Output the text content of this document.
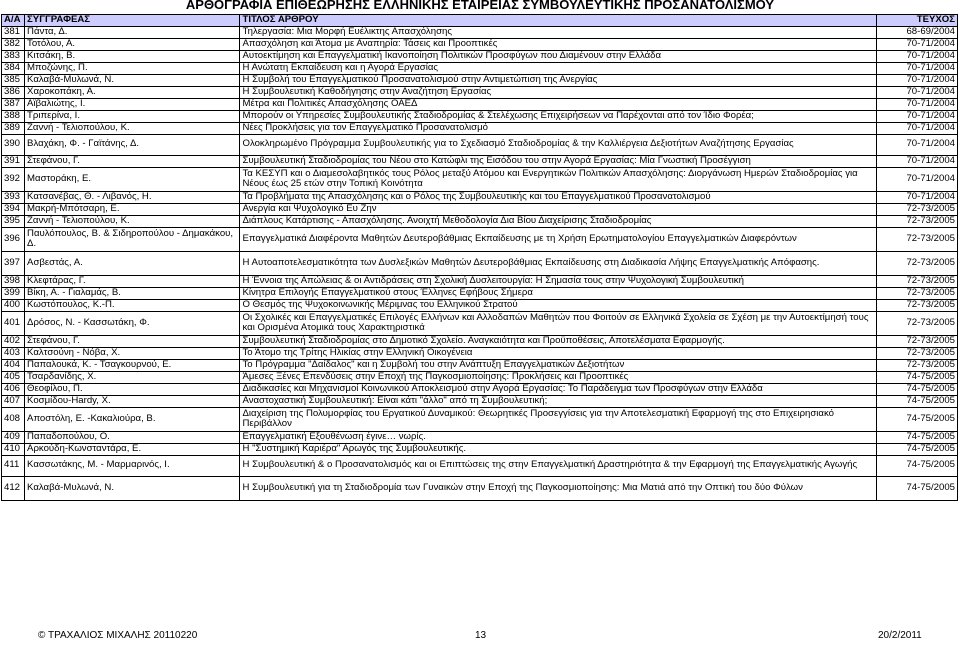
ΑΡΘΟΓΡΑΦΙΑ ΕΠΙΘΕΩΡΗΣΗΣ ΕΛΛΗΝΙΚΗΣ ΕΤΑΙΡΕΙΑΣ ΣΥΜΒΟΥΛΕΥΤΙΚΗΣ ΠΡΟΣΑΝΑΤΟΛΙΣΜΟΥ
Α/Α	ΣΥΓΓΡΑΦΕΑΣ	ΤΙΤΛΟΣ ΑΡΘΡΟΥ	ΤΕΥΧΟΣ
381	Πάντα, Δ.	Τηλεργασία: Μια Μορφή Ευέλικτης Απασχόλησης	68-69/2004
382	Τοτόλου, Α.	Απασχόληση και Άτομα με Αναπηρία: Τάσεις και Προοπτικές	70-71/2004
383	Κιτσάκη, Β.	Αυτοεκτίμηση και Επαγγελματική Ικανοποίηση Πολιτικών Προσφύγων που Διαμένουν στην Ελλάδα	70-71/2004
384	Μποζώνης, Π.	Η Ανώτατη Εκπαίδευση και η Αγορά Εργασίας	70-71/2004
385	Καλαβά-Μυλωνά, Ν.	Η Συμβολή του Επαγγελματικού Προσανατολισμού στην Αντιμετώπιση της Ανεργίας	70-71/2004
386	Χαροκοπάκη, Α.	Η Συμβουλευτική Καθοδήγησης στην Αναζήτηση Εργασίας	70-71/2004
387	Αϊβαλιώτης, Ι.	Μέτρα και Πολιτικές Απασχόλησης ΟΑΕΔ	70-71/2004
388	Τριπερίνα, Ι.	Μπορούν οι Υπηρεσίες Συμβουλευτικής Σταδιοδρομίας & Στελέχωσης Επιχειρήσεων να Παρέχονται από τον Ίδιο Φορέα;	70-71/2004
389	Ζαννή - Τελιοπούλου, Κ.	Νέες Προκλήσεις για τον Επαγγελματικό Προσανατολισμό	70-71/2004
390	Βλαχάκη, Φ. - Γαϊτάνης, Δ.	Ολοκληρωμένο Πρόγραμμα Συμβουλευτικής για το Σχεδιασμό Σταδιοδρομίας & την Καλλιέργεια Δεξιοτήτων Αναζήτησης Εργασίας	70-71/2004
391	Στεφάνου, Γ.	Συμβουλευτική Σταδιοδρομίας του Νέου στο Κατώφλι της Εισόδου του στην Αγορά Εργασίας: Μία Γνωστική Προσέγγιση	70-71/2004
392	Μαστοράκη, Ε.	Τα ΚΕΣΥΠ και ο Διαμεσολαβητικός τους Ρόλος μεταξύ Ατόμου και Ενεργητικών Πολιτικών Απασχόλησης: Διοργάνωση Ημερών Σταδιοδρομίας για Νέους έως 25 ετών στην Τοπική Κοινότητα	70-71/2004
393	Κατσανέβας, Θ. - Λιβανός, Η.	Τα Προβλήματα της Απασχόλησης και ο Ρόλος της Συμβουλευτικής και του Επαγγελματικού Προσανατολισμού	70-71/2004
394	Μακρή-Μπότσαρη, Ε.	Ανεργία και Ψυχολογικό Ευ Ζην	72-73/2005
395	Ζαννή - Τελιοπούλου, Κ.	Διάπλους Κατάρτισης - Απασχόλησης. Ανοιχτή Μεθοδολογία Δια Βίου Διαχείρισης Σταδιοδρομίας	72-73/2005
396	Παυλόπουλος, Β. & Σιδηροπούλου - Δημακάκου, Δ.	Επαγγελματικά Διαφέροντα Μαθητών Δευτεροβάθμιας Εκπαίδευσης με τη Χρήση Ερωτηματολογίου Επαγγελματικών Διαφερόντων	72-73/2005
397	Ασβεστάς, Α.	Η Αυτοαποτελεσματικότητα των Δυσλεξικών Μαθητών Δευτεροβάθμιας Εκπαίδευσης στη Διαδικασία Λήψης Επαγγελματικής Απόφασης.	72-73/2005
398	Κλεφτάρας, Γ.	Η Έννοια της Απώλειας & οι Αντιδράσεις στη Σχολική Δυσλειτουργία: Η Σημασία τους στην Ψυχολογική Συμβουλευτική	72-73/2005
399	Βίκη, Α. - Γιαλαμάς, Β.	Κίνητρα Επιλογής Επαγγελματικού στους Έλληνες Εφήβους Σήμερα	72-73/2005
400	Κωστόπουλος, Κ.-Π.	Ο Θεσμός της Ψυχοκοινωνικής Μέριμνας του Ελληνικού Στρατού	72-73/2005
401	Δρόσος, Ν. - Κασσωτάκη, Φ.	Οι Σχολικές και Επαγγελματικές Επιλογές Ελλήνων και Αλλοδαπών Μαθητών που Φοιτούν σε Ελληνικά Σχολεία σε Σχέση με την Αυτοεκτίμησή τους και Ορισμένα Ατομικά τους Χαρακτηριστικά	72-73/2005
402	Στεφάνου, Γ.	Συμβουλευτική Σταδιοδρομίας στο Δημοτικό Σχολείο. Αναγκαιότητα και Προϋποθέσεις, Αποτελέσματα Εφαρμογής.	72-73/2005
403	Καλτσούνη - Νόβα, Χ.	Το Άτομο της Τρίτης Ηλικίας στην Ελληνική Οικογένεια	72-73/2005
404	Παπαλουκά, Κ. - Τσαγκουρνού, Ε.	Το Πρόγραμμα "Δαίδαλος" και η Συμβολή του στην Ανάπτυξη Επαγγελματικών Δεξιοτήτων	72-73/2005
405	Τσαρδανίδης, Χ.	Άμεσες Ξένες Επενδύσεις στην Εποχή της Παγκοσμιοποίησης: Προκλήσεις και Προοπτικές	74-75/2005
406	Θεοφίλου, Π.	Διαδικασίες και Μηχανισμοί Κοινωνικού Αποκλεισμού στην Αγορά Εργασίας: Το Παράδειγμα των Προσφύγων στην Ελλάδα	74-75/2005
407	Κοσμίδου-Hardy, Χ.	Αναστοχαστική Συμβουλευτική: Είναι κάτι "άλλο" από τη Συμβουλευτική;	74-75/2005
408	Αποστόλη, Ε. -Κακαλιούρα, Β.	Διαχείριση της Πολυμορφίας του Εργατικού Δυναμικού: Θεωρητικές Προσεγγίσεις για την Αποτελεσματική Εφαρμογή της στο Επιχειρησιακό Περιβάλλον	74-75/2005
409	Παπαδοπούλου, Ο.	Επαγγελματική Εξουθένωση έγινε… νωρίς.	74-75/2005
410	Αρκούδη-Κωνσταντάρα, Ε.	Η "Συστημική Καριέρα" Αρωγός της Συμβουλευτικής.	74-75/2005
411	Κασσωτάκης, Μ. - Μαρμαρινός, Ι.	Η Συμβουλευτική & ο Προσανατολισμός και οι Επιπτώσεις της στην Επαγγελματική Δραστηριότητα & την Εφαρμογή της Επαγγελματικής Αγωγής	74-75/2005
412	Καλαβά-Μυλωνά, Ν.	Η Συμβουλευτική για τη Σταδιοδρομία των Γυναικών στην Εποχή της Παγκοσμιοποίησης: Μια Ματιά από την Οπτική του δύο Φύλων	74-75/2005
© ΤΡΑΧΑΛΙΟΣ ΜΙΧΑΛΗΣ 20110220	13	20/2/2011
